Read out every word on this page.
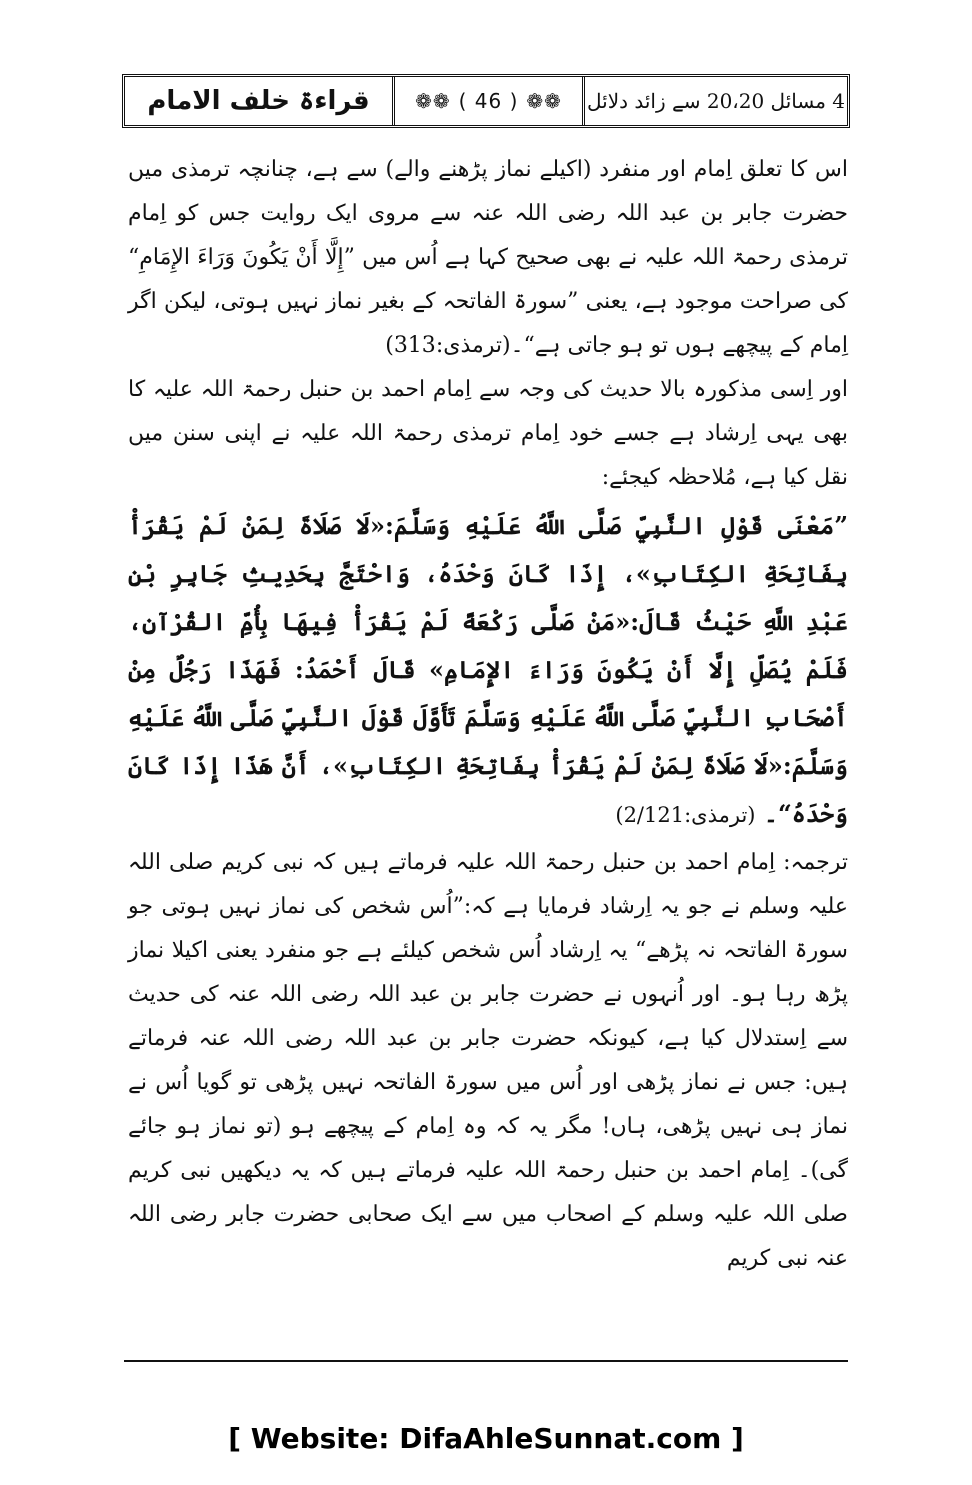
قراءۃ خلف الامام	❁❁ ( 46 ) ❁❁ 4 مسائل 20،20 سے زائد دلائل

اس کا تعلق اِمام اور منفرد (اکیلے نماز پڑھنے والے) سے ہے، چنانچہ ترمذی میں حضرت جابر بن عبد اللہ رضی اللہ عنہ سے مروی ایک روایت جس کو اِمام ترمذی رحمۃ اللہ علیہ نے بھی صحیح کہا ہے اُس میں ”إِلَّا أَنْ يَكُونَ وَرَاءَ الإِمَامِ“ کی صراحت موجود ہے، یعنی ”سورۃ الفاتحہ کے بغیر نماز نہیں ہوتی، لیکن اگر اِمام کے پیچھے ہوں تو ہو جاتی ہے“۔(ترمذی:313)

اور اِسی مذکورہ بالا حدیث کی وجہ سے اِمام احمد بن حنبل رحمۃ اللہ علیہ کا بھی یہی اِرشاد ہے جسے خود اِمام ترمذی رحمۃ اللہ علیہ نے اپنی سنن میں نقل کیا ہے، مُلاحظہ کیجئے:

”مَعْنَى قَوْلِ النَّبِيِّ صَلَّى اللَّهُ عَلَيْهِ وَسَلَّمَ:«لَا صَلَاةَ لِمَنْ لَمْ يَقْرَأْ بِفَاتِحَةِ الكِتَابِ»، إِذَا كَانَ وَحْدَهُ، وَاحْتَجَّ بِحَدِيثِ جَابِرِ بْنِ عَبْدِ اللَّهِ حَيْثُ قَالَ:«مَنْ صَلَّى رَكْعَةً لَمْ يَقْرَأْ فِيهَا بِأُمِّ القُرْآنِ، فَلَمْ يُصَلِّ إِلَّا أَنْ يَكُونَ وَرَاءَ الإِمَامِ» قَالَ أَحْمَدُ: فَهَذَا رَجُلٌ مِنْ أَصْحَابِ النَّبِيِّ صَلَّى اللَّهُ عَلَيْهِ وَسَلَّمَ تَأَوَّلَ قَوْلَ النَّبِيِّ صَلَّى اللَّهُ عَلَيْهِ وَسَلَّمَ:«لَا صَلَاةَ لِمَنْ لَمْ يَقْرَأْ بِفَاتِحَةِ الكِتَابِ»، أَنَّ هَذَا إِذَا كَانَ وَحْدَهُ“۔ (ترمذی:2/121)

ترجمہ: اِمام احمد بن حنبل رحمۃ اللہ علیہ فرماتے ہیں کہ نبی کریم صلی اللہ علیہ وسلم نے جو یہ اِرشاد فرمایا ہے کہ:”اُس شخص کی نماز نہیں ہوتی جو سورۃ الفاتحہ نہ پڑھے“ یہ اِرشاد اُس شخص کیلئے ہے جو منفرد یعنی اکیلا نماز پڑھ رہا ہو۔ اور اُنہوں نے حضرت جابر بن عبد اللہ رضی اللہ عنہ کی حدیث سے اِستدلال کیا ہے، کیونکہ حضرت جابر بن عبد اللہ رضی اللہ عنہ فرماتے ہیں: جس نے نماز پڑھی اور اُس میں سورۃ الفاتحہ نہیں پڑھی تو گویا اُس نے نماز ہی نہیں پڑھی، ہاں! مگر یہ کہ وہ اِمام کے پیچھے ہو (تو نماز ہو جائے گی)۔ اِمام احمد بن حنبل رحمۃ اللہ علیہ فرماتے ہیں کہ یہ دیکھیں نبی کریم صلی اللہ علیہ وسلم کے اصحاب میں سے ایک صحابی حضرت جابر رضی اللہ عنہ نبی کریم

[ Website: DifaAhleSunnat.com ]
